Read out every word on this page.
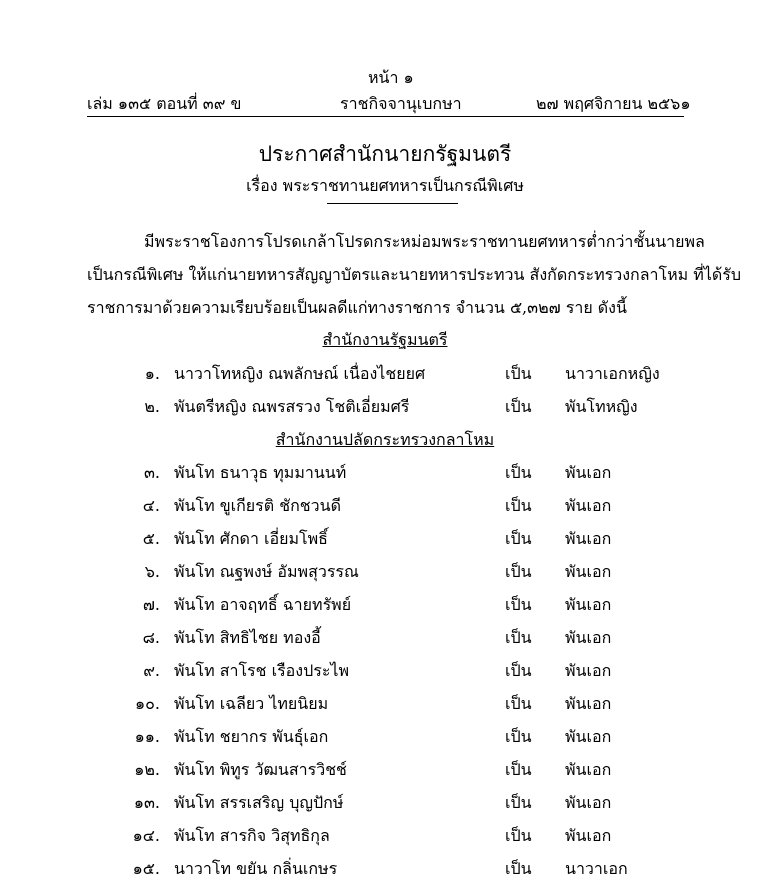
หน้า ๑
เล่ม ๑๓๕ ตอนที่ ๓๙ ข	ราชกิจจานุเบกษา	๒๗ พฤศจิกายน ๒๕๖๑
ประกาศสำนักนายกรัฐมนตรี
เรื่อง พระราชทานยศทหารเป็นกรณีพิเศษ
มีพระราชโองการโปรดเกล้าโปรดกระหม่อมพระราชทานยศทหารต่ำกว่าชั้นนายพล
เป็นกรณีพิเศษ ให้แก่นายทหารสัญญาบัตรและนายทหารประทวน สังกัดกระทรวงกลาโหม ที่ได้รับ
ราชการมาด้วยความเรียบร้อยเป็นผลดีแก่ทางราชการ จำนวน ๕,๓๒๗ ราย ดังนี้
สำนักงานรัฐมนตรี
๑. นาวาโทหญิง ณพลักษณ์ เนื่องไชยยศ	เป็น นาวาเอกหญิง
๒. พันตรีหญิง ณพรสรวง โชติเอี่ยมศรี	เป็น พันโทหญิง
สำนักงานปลัดกระทรวงกลาโหม
๓. พันโท ธนาวุธ ทุมมานนท์	เป็น พันเอก
๔. พันโท ขูเกียรติ ชักชวนดี	เป็น พันเอก
๕. พันโท ศักดา เอี่ยมโพธิ์	เป็น พันเอก
๖. พันโท ณฐพงษ์ อัมพสุวรรณ	เป็น พันเอก
๗. พันโท อาจฤทธิ์ ฉายทรัพย์	เป็น พันเอก
๘. พันโท สิทธิไชย ทองอี้	เป็น พันเอก
๙. พันโท สาโรช เรืองประไพ	เป็น พันเอก
๑๐. พันโท เฉลียว ไทยนิยม	เป็น พันเอก
๑๑. พันโท ชยากร พันธุ์เอก	เป็น พันเอก
๑๒. พันโท พิทูร วัฒนสารวิชช์	เป็น พันเอก
๑๓. พันโท สรรเสริญ บุญปักษ์	เป็น พันเอก
๑๔. พันโท สารกิจ วิสุทธิกุล	เป็น พันเอก
๑๕. นาวาโท ขยัน กลิ่นเกษร	เป็น นาวาเอก
